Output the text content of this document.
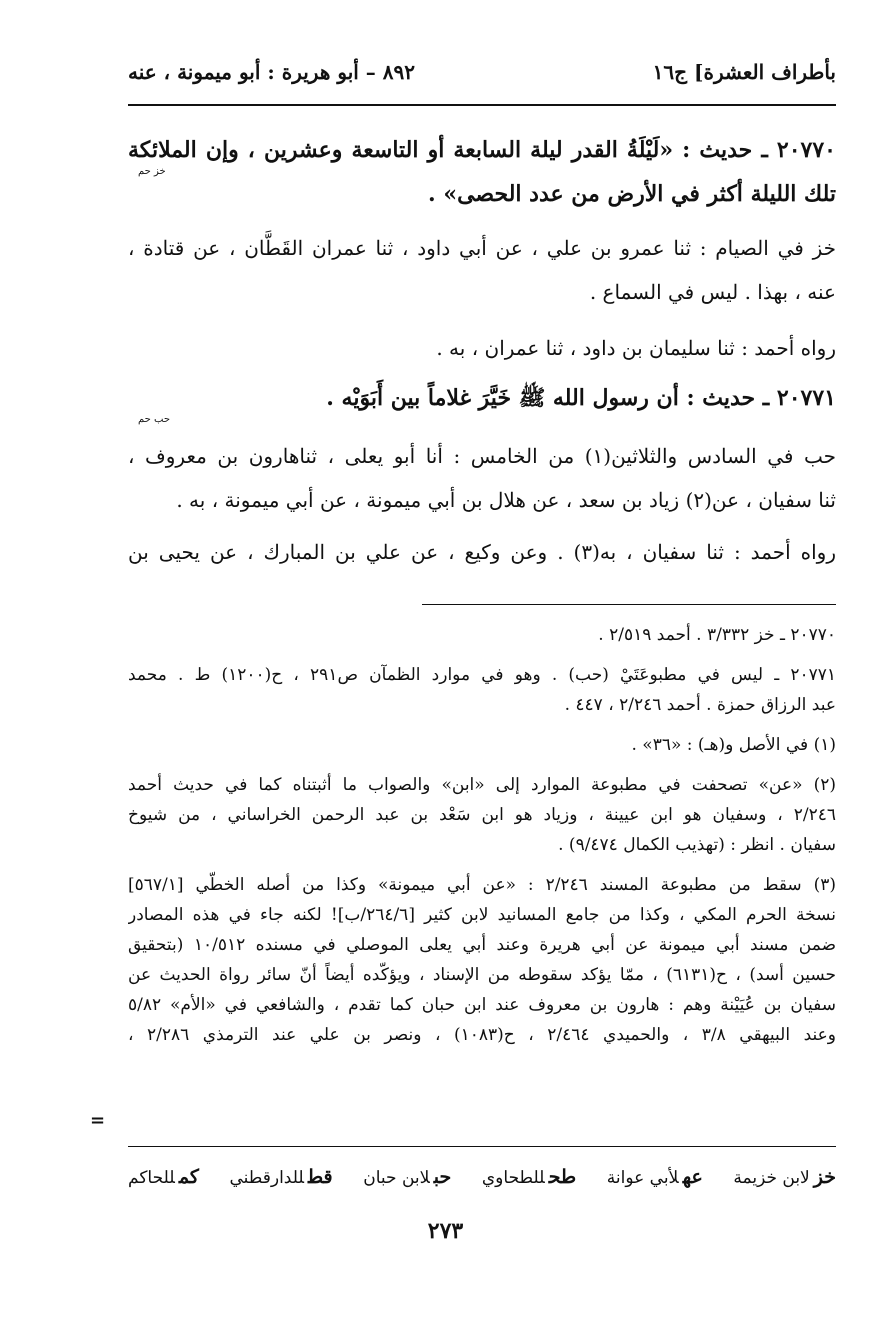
بأطراف العشرة] ج١٦
٨٩٢ – أبو هريرة : أبو ميمونة ، عنه
٢٠٧٧٠ ـ حديث : «لَيْلَةُ القدر ليلة السابعة أو التاسعة وعشرين ، وإن الملائكة
خز حم
تلك الليلة أكثر في الأرض من عدد الحصى» .
خز في الصيام : ثنا عمرو بن علي ، عن أبي داود ، ثنا عمران القَطَّان ، عن قتادة ،
عنه ، بهذا . ليس في السماع .
رواه أحمد : ثنا سليمان بن داود ، ثنا عمران ، به .
٢٠٧٧١ ـ حديث : أن رسول الله ﷺ خَيَّرَ غلاماً بين أَبَوَيْه .
حب حم
حب في السادس والثلاثين(١) من الخامس : أنا أبو يعلى ، ثناهارون بن معروف ،
ثنا سفيان ، عن(٢) زياد بن سعد ، عن هلال بن أبي ميمونة ، عن أبي ميمونة ، به .
رواه أحمد : ثنا سفيان ، به(٣) . وعن وكيع ، عن علي بن المبارك ، عن يحيى بن

٢٠٧٧٠ ـ خز ٣/٣٣٢ . أحمد ٢/٥١٩ .

٢٠٧٧١ ـ ليس في مطبوعَتَيْ (حب) . وهو في موارد الظمآن ص٢٩١ ، ح(١٢٠٠) ط . محمد
عبد الرزاق حمزة . أحمد ٢/٢٤٦ ، ٤٤٧ .

(١) في الأصل و(هـ) : «٣٦» .

(٢) «عن» تصحفت في مطبوعة الموارد إلى «ابن» والصواب ما أثبتناه كما في حديث أحمد
٢/٢٤٦ ، وسفيان هو ابن عيينة ، وزياد هو ابن سَعْد بن عبد الرحمن الخراساني ، من شيوخ
سفيان . انظر : (تهذيب الكمال ٩/٤٧٤) .

(٣) سقط من مطبوعة المسند ٢/٢٤٦ : «عن أبي ميمونة» وكذا من أصله الخطّي [٥٦٧/١]
نسخة الحرم المكي ، وكذا من جامع المسانيد لابن كثير [٢٦٤/٦/ب]! لكنه جاء في هذه المصادر
ضمن مسند أبي ميمونة عن أبي هريرة وعند أبي يعلى الموصلي في مسنده ١٠/٥١٢ (بتحقيق
حسين أسد) ، ح(٦١٣١) ، ممّا يؤكد سقوطه من الإسناد ، ويؤكّده أيضاً أنّ سائر رواة الحديث عن
سفيان بن عُيَيْنة وهم : هارون بن معروف عند ابن حبان كما تقدم ، والشافعي في «الأم» ٥/٨٢
وعند البيهقي ٣/٨ ، والحميدي ٢/٤٦٤ ، ح(١٠٨٣) ، ونصر بن علي عند الترمذي ٢/٢٨٦ ،

=
خزلابن خزيمة
عهلأبي عوانة
طحللطحاوي
حبلابن حبان
قطللدارقطني
كمللحاكم
٢٧٣
